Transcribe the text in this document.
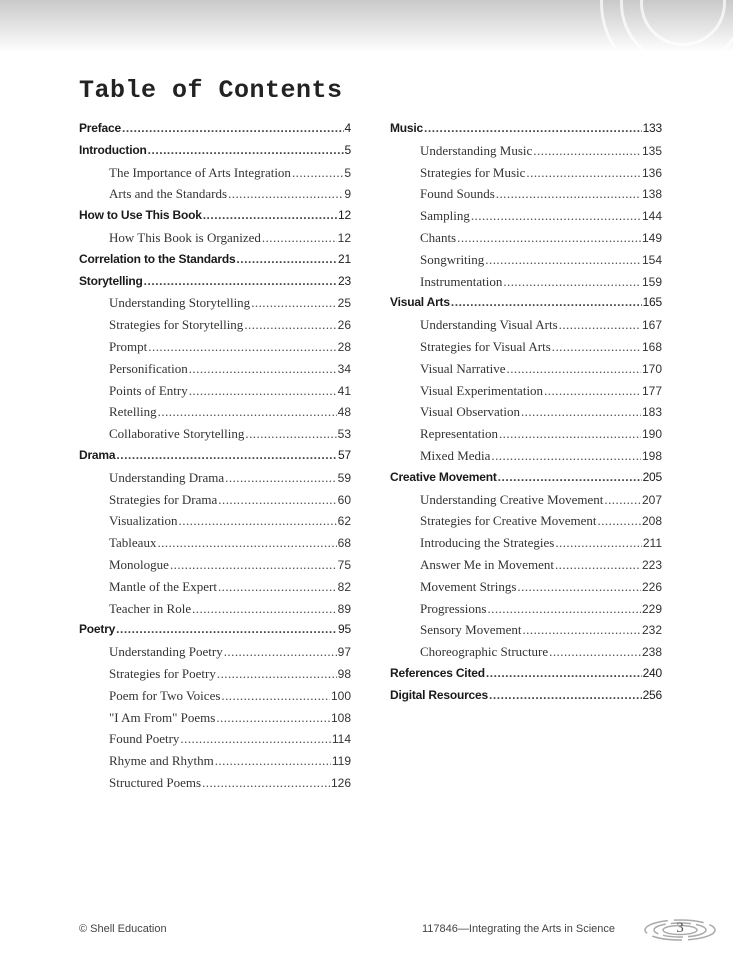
Table of Contents
Preface . . .	4
Introduction . . .	5
The Importance of Arts Integration . . .	5
Arts and the Standards . . .	9
How to Use This Book . . .	12
How This Book is Organized . . .	12
Correlation to the Standards . . .	21
Storytelling . . .	23
Understanding Storytelling . . .	25
Strategies for Storytelling . . .	26
Prompt . . .	28
Personification . . .	34
Points of Entry . . .	41
Retelling . . .	48
Collaborative Storytelling . . .	53
Drama . . .	57
Understanding Drama . . .	59
Strategies for Drama . . .	60
Visualization . . .	62
Tableaux . . .	68
Monologue . . .	75
Mantle of the Expert . . .	82
Teacher in Role . . .	89
Poetry . . .	95
Understanding Poetry . . .	97
Strategies for Poetry . . .	98
Poem for Two Voices . . .	100
"I Am From" Poems . . .	108
Found Poetry . . .	114
Rhyme and Rhythm . . .	119
Structured Poems . . .	126
Music . . .	133
Understanding Music . . .	135
Strategies for Music . . .	136
Found Sounds . . .	138
Sampling . . .	144
Chants . . .	149
Songwriting . . .	154
Instrumentation . . .	159
Visual Arts . . .	165
Understanding Visual Arts . . .	167
Strategies for Visual Arts . . .	168
Visual Narrative . . .	170
Visual Experimentation . . .	177
Visual Observation . . .	183
Representation . . .	190
Mixed Media . . .	198
Creative Movement . . .	205
Understanding Creative Movement . . .	207
Strategies for Creative Movement . . .	208
Introducing the Strategies . . .	211
Answer Me in Movement . . .	223
Movement Strings . . .	226
Progressions . . .	229
Sensory Movement . . .	232
Choreographic Structure . . .	238
References Cited . . .	240
Digital Resources . . .	256
© Shell Education	117846—Integrating the Arts in Science	3
